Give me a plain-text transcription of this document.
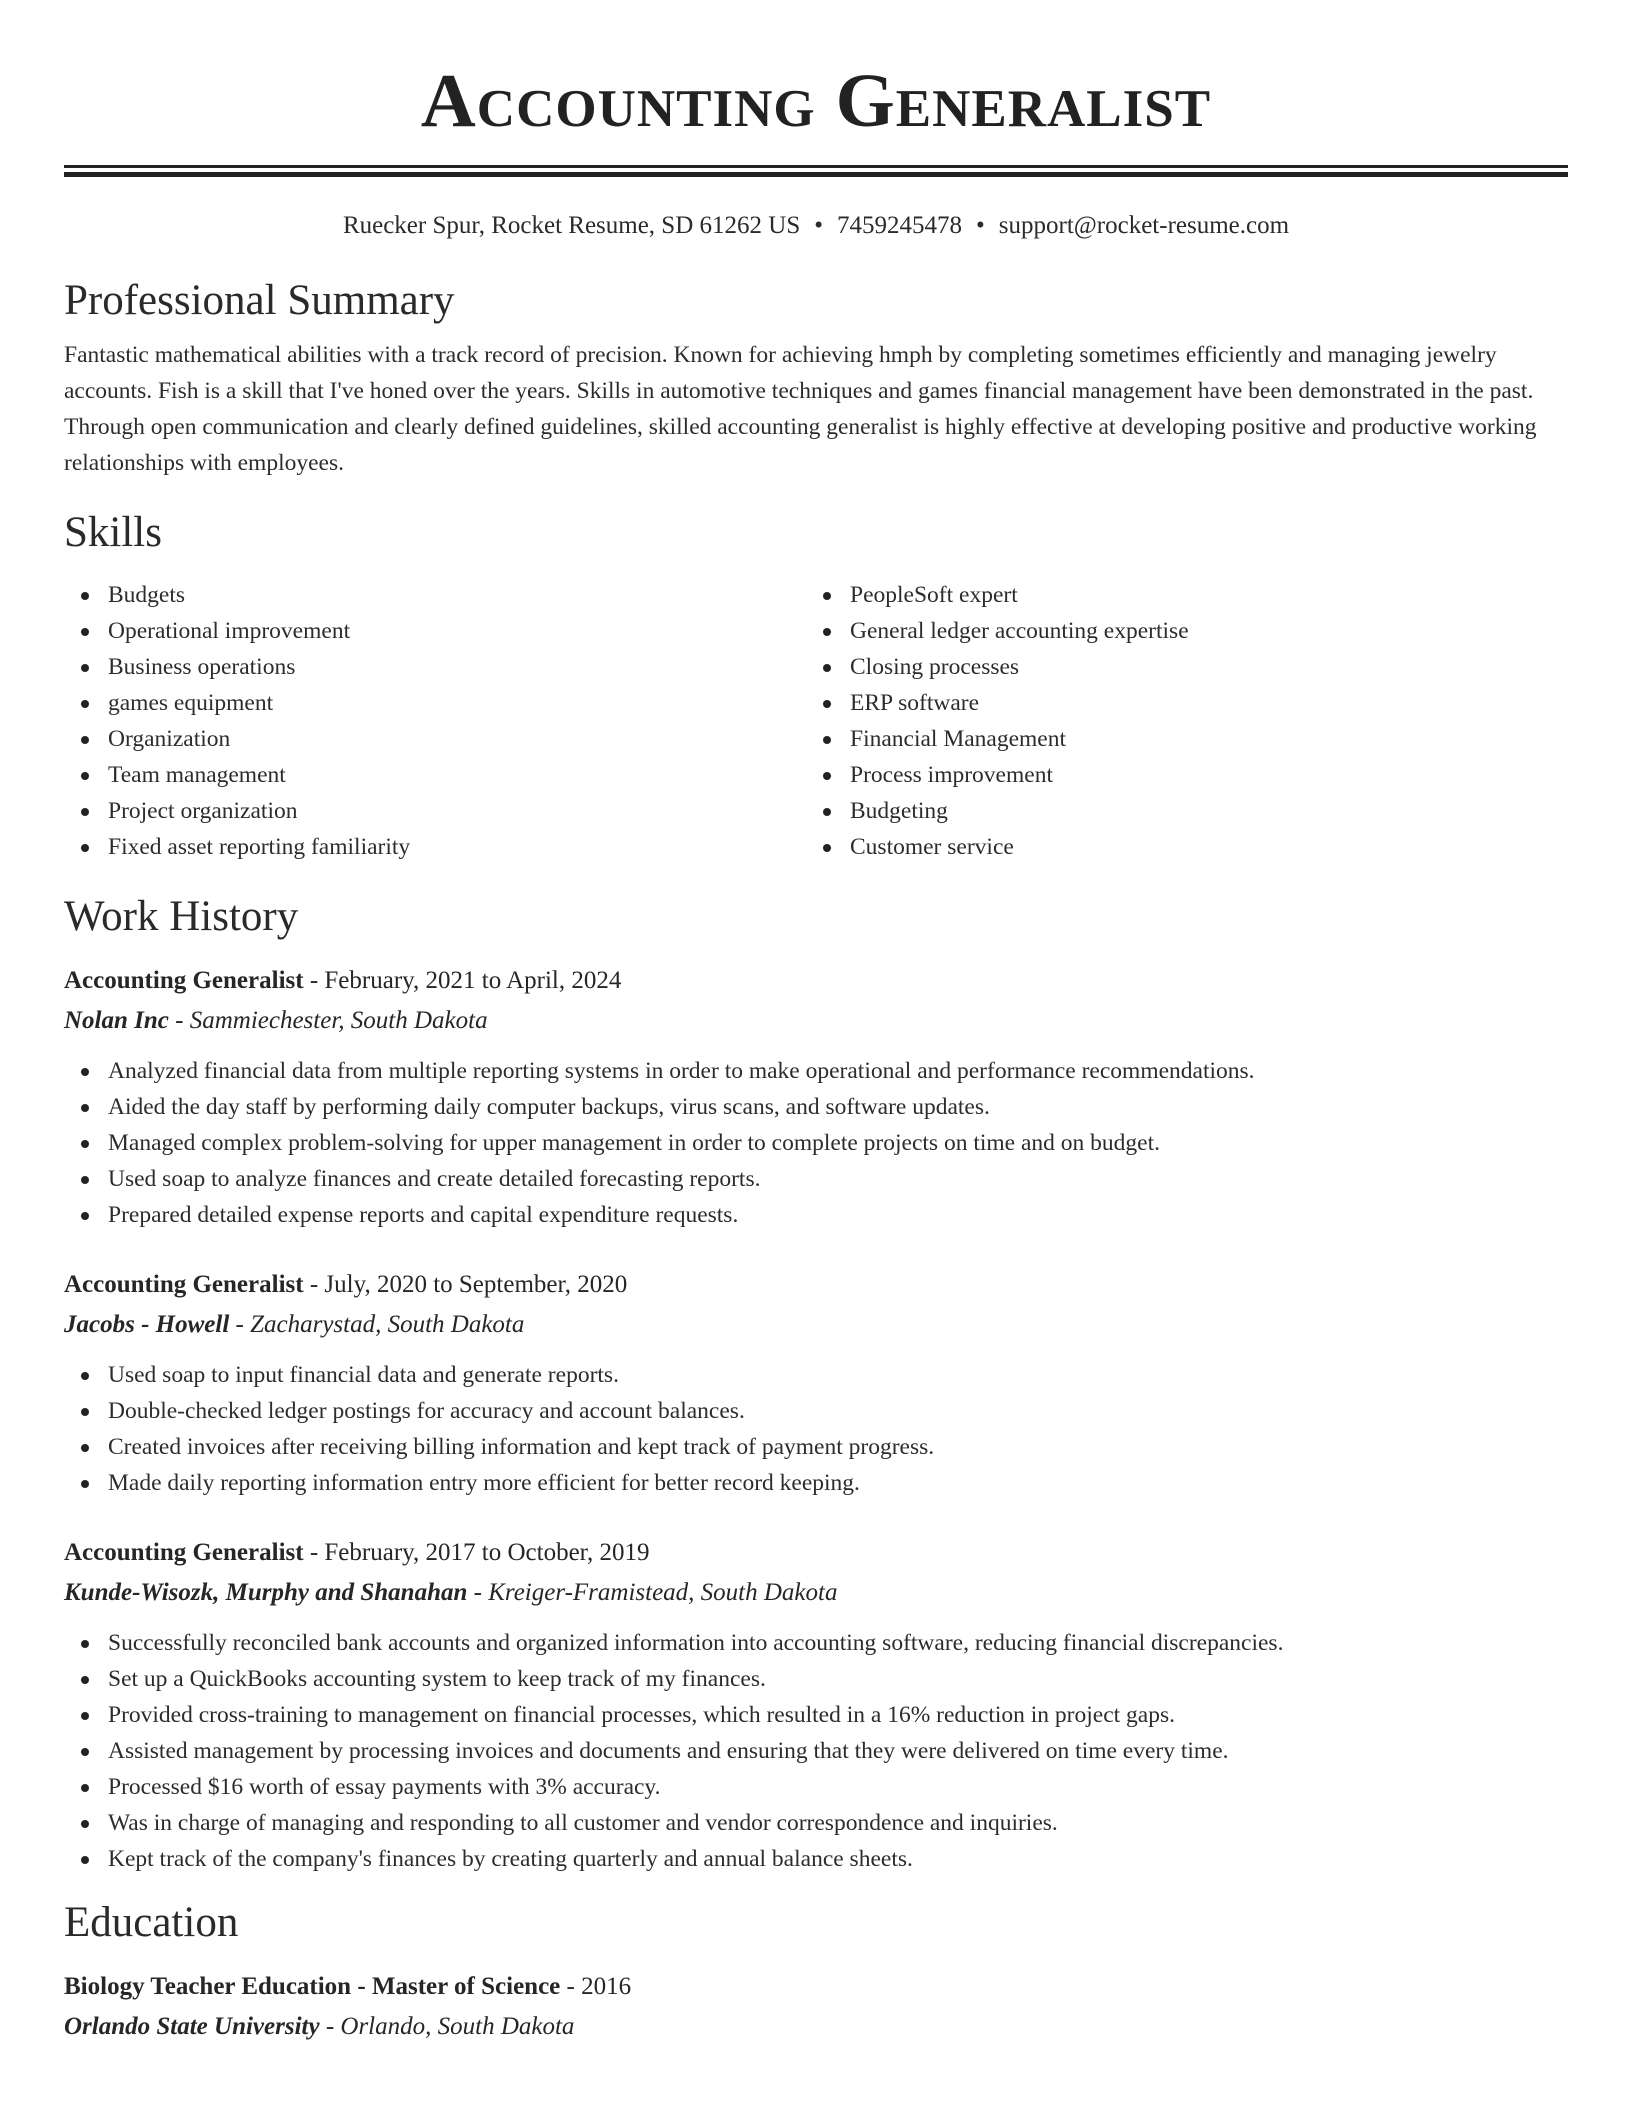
Accounting Generalist
Ruecker Spur, Rocket Resume, SD 61262 US • 7459245478 • support@rocket-resume.com
Professional Summary

Fantastic mathematical abilities with a track record of precision. Known for achieving hmph by completing sometimes efficiently and managing jewelry accounts. Fish is a skill that I've honed over the years. Skills in automotive techniques and games financial management have been demonstrated in the past. Through open communication and clearly defined guidelines, skilled accounting generalist is highly effective at developing positive and productive working relationships with employees.

Skills
Budgets
Operational improvement
Business operations
games equipment
Organization
Team management
Project organization
Fixed asset reporting familiarity
PeopleSoft expert
General ledger accounting expertise
Closing processes
ERP software
Financial Management
Process improvement
Budgeting
Customer service
Work History
Accounting Generalist - February, 2021 to April, 2024
Nolan Inc - Sammiechester, South Dakota
Analyzed financial data from multiple reporting systems in order to make operational and performance recommendations.
Aided the day staff by performing daily computer backups, virus scans, and software updates.
Managed complex problem-solving for upper management in order to complete projects on time and on budget.
Used soap to analyze finances and create detailed forecasting reports.
Prepared detailed expense reports and capital expenditure requests.
Accounting Generalist - July, 2020 to September, 2020
Jacobs - Howell - Zacharystad, South Dakota
Used soap to input financial data and generate reports.
Double-checked ledger postings for accuracy and account balances.
Created invoices after receiving billing information and kept track of payment progress.
Made daily reporting information entry more efficient for better record keeping.
Accounting Generalist - February, 2017 to October, 2019
Kunde-Wisozk, Murphy and Shanahan - Kreiger-Framistead, South Dakota
Successfully reconciled bank accounts and organized information into accounting software, reducing financial discrepancies.
Set up a QuickBooks accounting system to keep track of my finances.
Provided cross-training to management on financial processes, which resulted in a 16% reduction in project gaps.
Assisted management by processing invoices and documents and ensuring that they were delivered on time every time.
Processed $16 worth of essay payments with 3% accuracy.
Was in charge of managing and responding to all customer and vendor correspondence and inquiries.
Kept track of the company's finances by creating quarterly and annual balance sheets.
Education
Biology Teacher Education - Master of Science - 2016
Orlando State University - Orlando, South Dakota
